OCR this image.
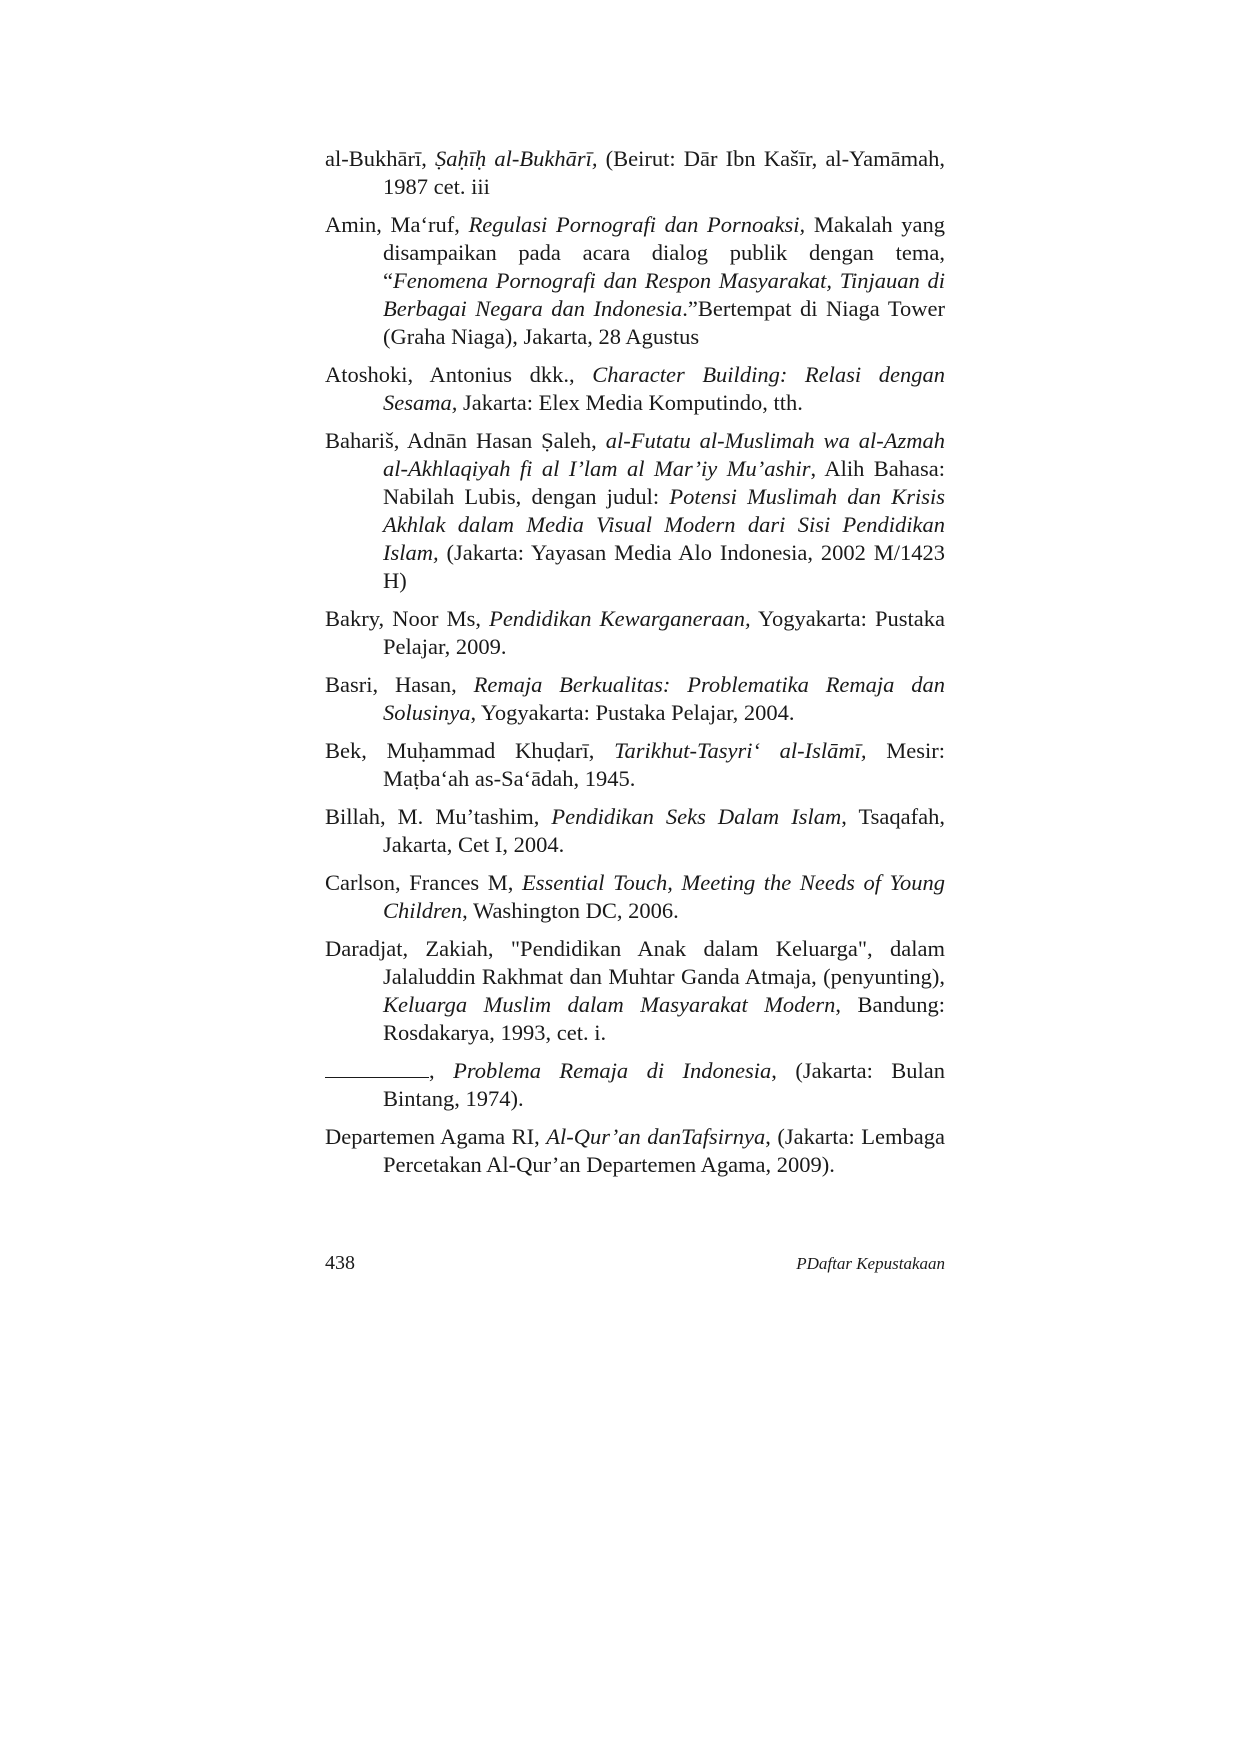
al-Bukhārī, Ṣaḥīḥ al-Bukhārī, (Beirut: Dār Ibn Kašīr, al-Yamāmah, 1987 cet. iii

Amin, Ma‘ruf, Regulasi Pornografi dan Pornoaksi, Makalah yang disampaikan pada acara dialog publik dengan tema, “Fenomena Pornografi dan Respon Masyarakat, Tinjauan di Berbagai Negara dan Indonesia.”Bertempat di Niaga Tower (Graha Niaga), Jakarta, 28 Agustus

Atoshoki, Antonius dkk., Character Building: Relasi dengan Sesama, Jakarta: Elex Media Komputindo, tth.

Bahariš, Adnān Hasan Ṣaleh, al-Futatu al-Muslimah wa al-Azmah al-Akhlaqiyah fi al I’lam al Mar’iy Mu’ashir, Alih Bahasa: Nabilah Lubis, dengan judul: Potensi Muslimah dan Krisis Akhlak dalam Media Visual Modern dari Sisi Pendidikan Islam, (Jakarta: Yayasan Media Alo Indonesia, 2002 M/1423 H)

Bakry, Noor Ms, Pendidikan Kewarganeraan, Yogyakarta: Pustaka Pelajar, 2009.

Basri, Hasan, Remaja Berkualitas: Problematika Remaja dan Solusinya, Yogyakarta: Pustaka Pelajar, 2004.

Bek, Muḥammad Khuḍarī, Tarikhut-Tasyri‘ al-Islāmī, Mesir: Maṭba‘ah as-Sa‘ādah, 1945.

Billah, M. Mu’tashim, Pendidikan Seks Dalam Islam, Tsaqafah, Jakarta, Cet I, 2004.

Carlson, Frances M, Essential Touch, Meeting the Needs of Young Children, Washington DC, 2006.

Daradjat, Zakiah, "Pendidikan Anak dalam Keluarga", dalam Jalaluddin Rakhmat dan Muhtar Ganda Atmaja, (penyunting), Keluarga Muslim dalam Masyarakat Modern, Bandung: Rosdakarya, 1993, cet. i.

, Problema Remaja di Indonesia, (Jakarta: Bulan Bintang, 1974).

Departemen Agama RI, Al-Qur’an danTafsirnya, (Jakarta: Lembaga Percetakan Al-Qur’an Departemen Agama, 2009).

438	PDaftar Kepustakaan
